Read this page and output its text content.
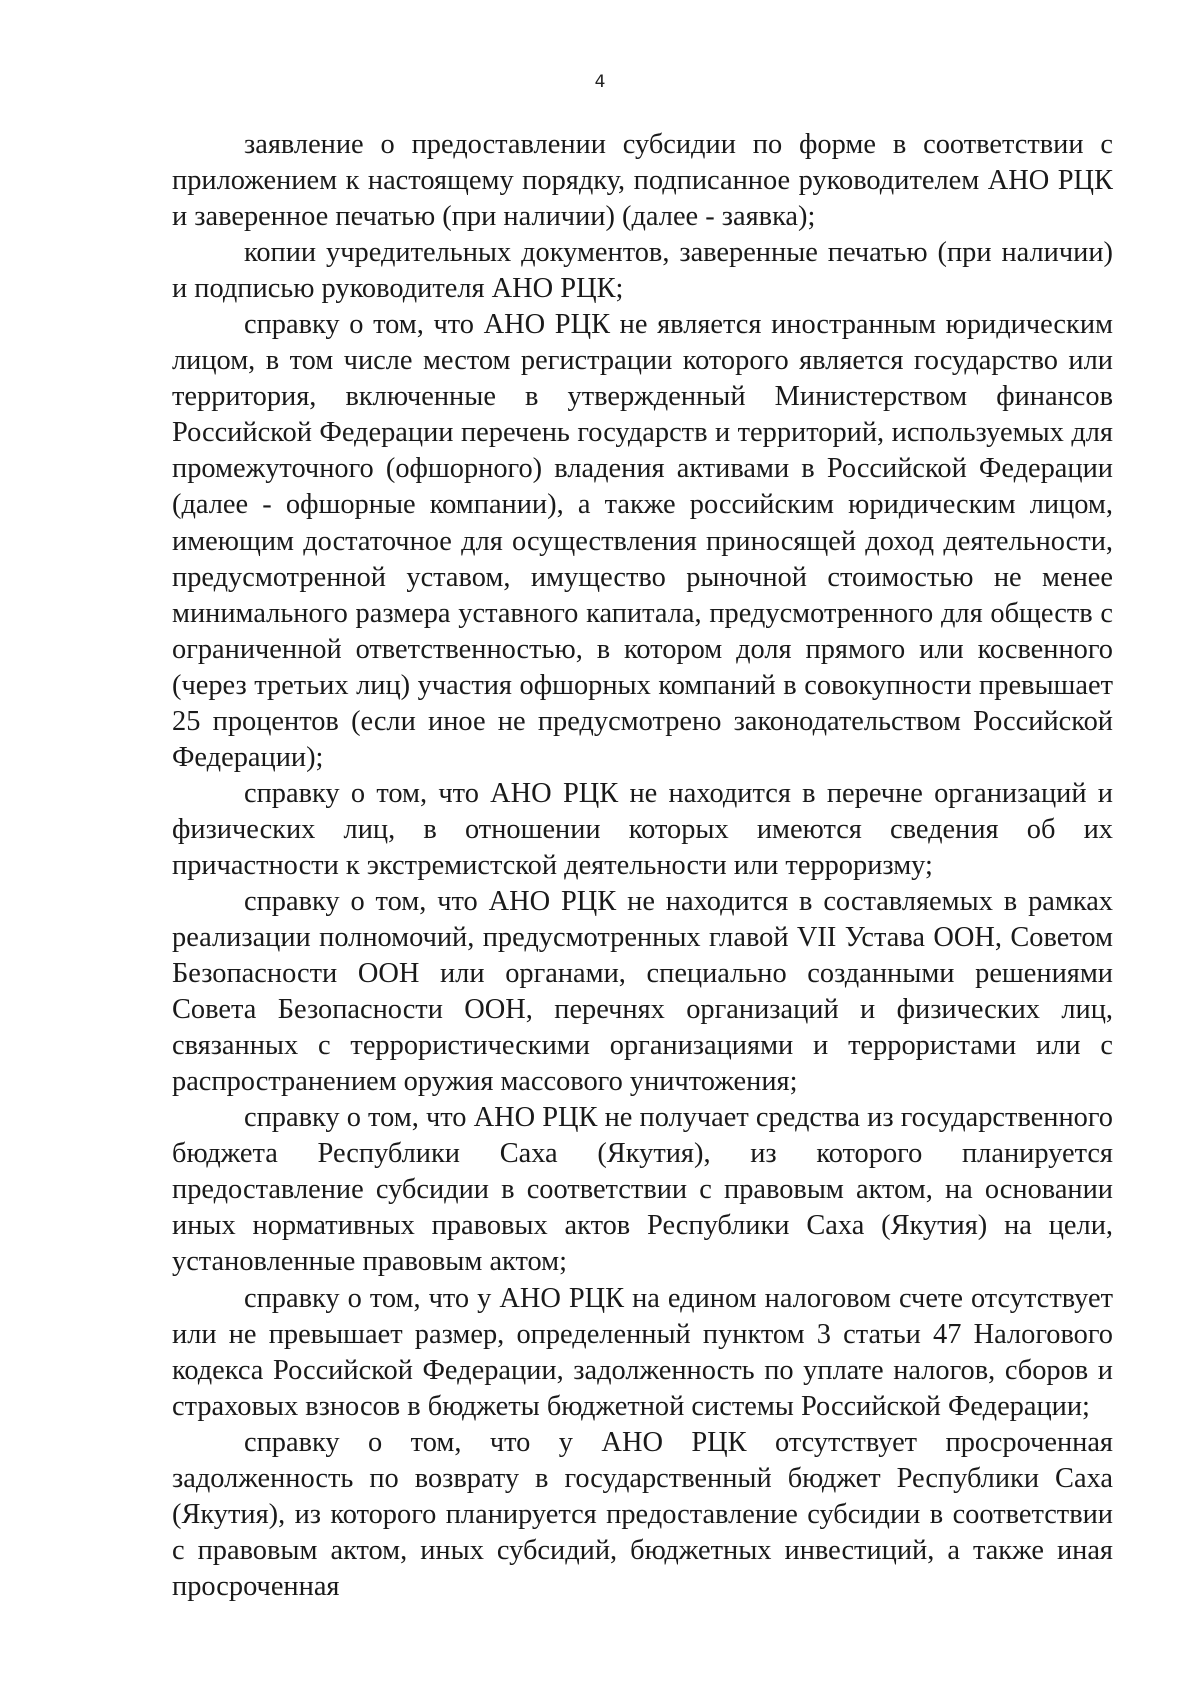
4

заявление о предоставлении субсидии по форме в соответствии с приложением к настоящему порядку, подписанное руководителем АНО РЦК и заверенное печатью (при наличии) (далее - заявка);

копии учредительных документов, заверенные печатью (при наличии) и подписью руководителя АНО РЦК;

справку о том, что АНО РЦК не является иностранным юридическим лицом, в том числе местом регистрации которого является государство или территория, включенные в утвержденный Министерством финансов Российской Федерации перечень государств и территорий, используемых для промежуточного (офшорного) владения активами в Российской Федерации (далее - офшорные компании), а также российским юридическим лицом, имеющим достаточное для осуществления приносящей доход деятельности, предусмотренной уставом, имущество рыночной стоимостью не менее минимального размера уставного капитала, предусмотренного для обществ с ограниченной ответственностью, в котором доля прямого или косвенного (через третьих лиц) участия офшорных компаний в совокупности превышает 25 процентов (если иное не предусмотрено законодательством Российской Федерации);

справку о том, что АНО РЦК не находится в перечне организаций и физических лиц, в отношении которых имеются сведения об их причастности к экстремистской деятельности или терроризму;

справку о том, что АНО РЦК не находится в составляемых в рамках реализации полномочий, предусмотренных главой VII Устава ООН, Советом Безопасности ООН или органами, специально созданными решениями Совета Безопасности ООН, перечнях организаций и физических лиц, связанных с террористическими организациями и террористами или с распространением оружия массового уничтожения;

справку о том, что АНО РЦК не получает средства из государственного бюджета Республики Саха (Якутия), из которого планируется предоставление субсидии в соответствии с правовым актом, на основании иных нормативных правовых актов Республики Саха (Якутия) на цели, установленные правовым актом;

справку о том, что у АНО РЦК на едином налоговом счете отсутствует или не превышает размер, определенный пунктом 3 статьи 47 Налогового кодекса Российской Федерации, задолженность по уплате налогов, сборов и страховых взносов в бюджеты бюджетной системы Российской Федерации;

справку о том, что у АНО РЦК отсутствует просроченная задолженность по возврату в государственный бюджет Республики Саха (Якутия), из которого планируется предоставление субсидии в соответствии с правовым актом, иных субсидий, бюджетных инвестиций, а также иная просроченная
